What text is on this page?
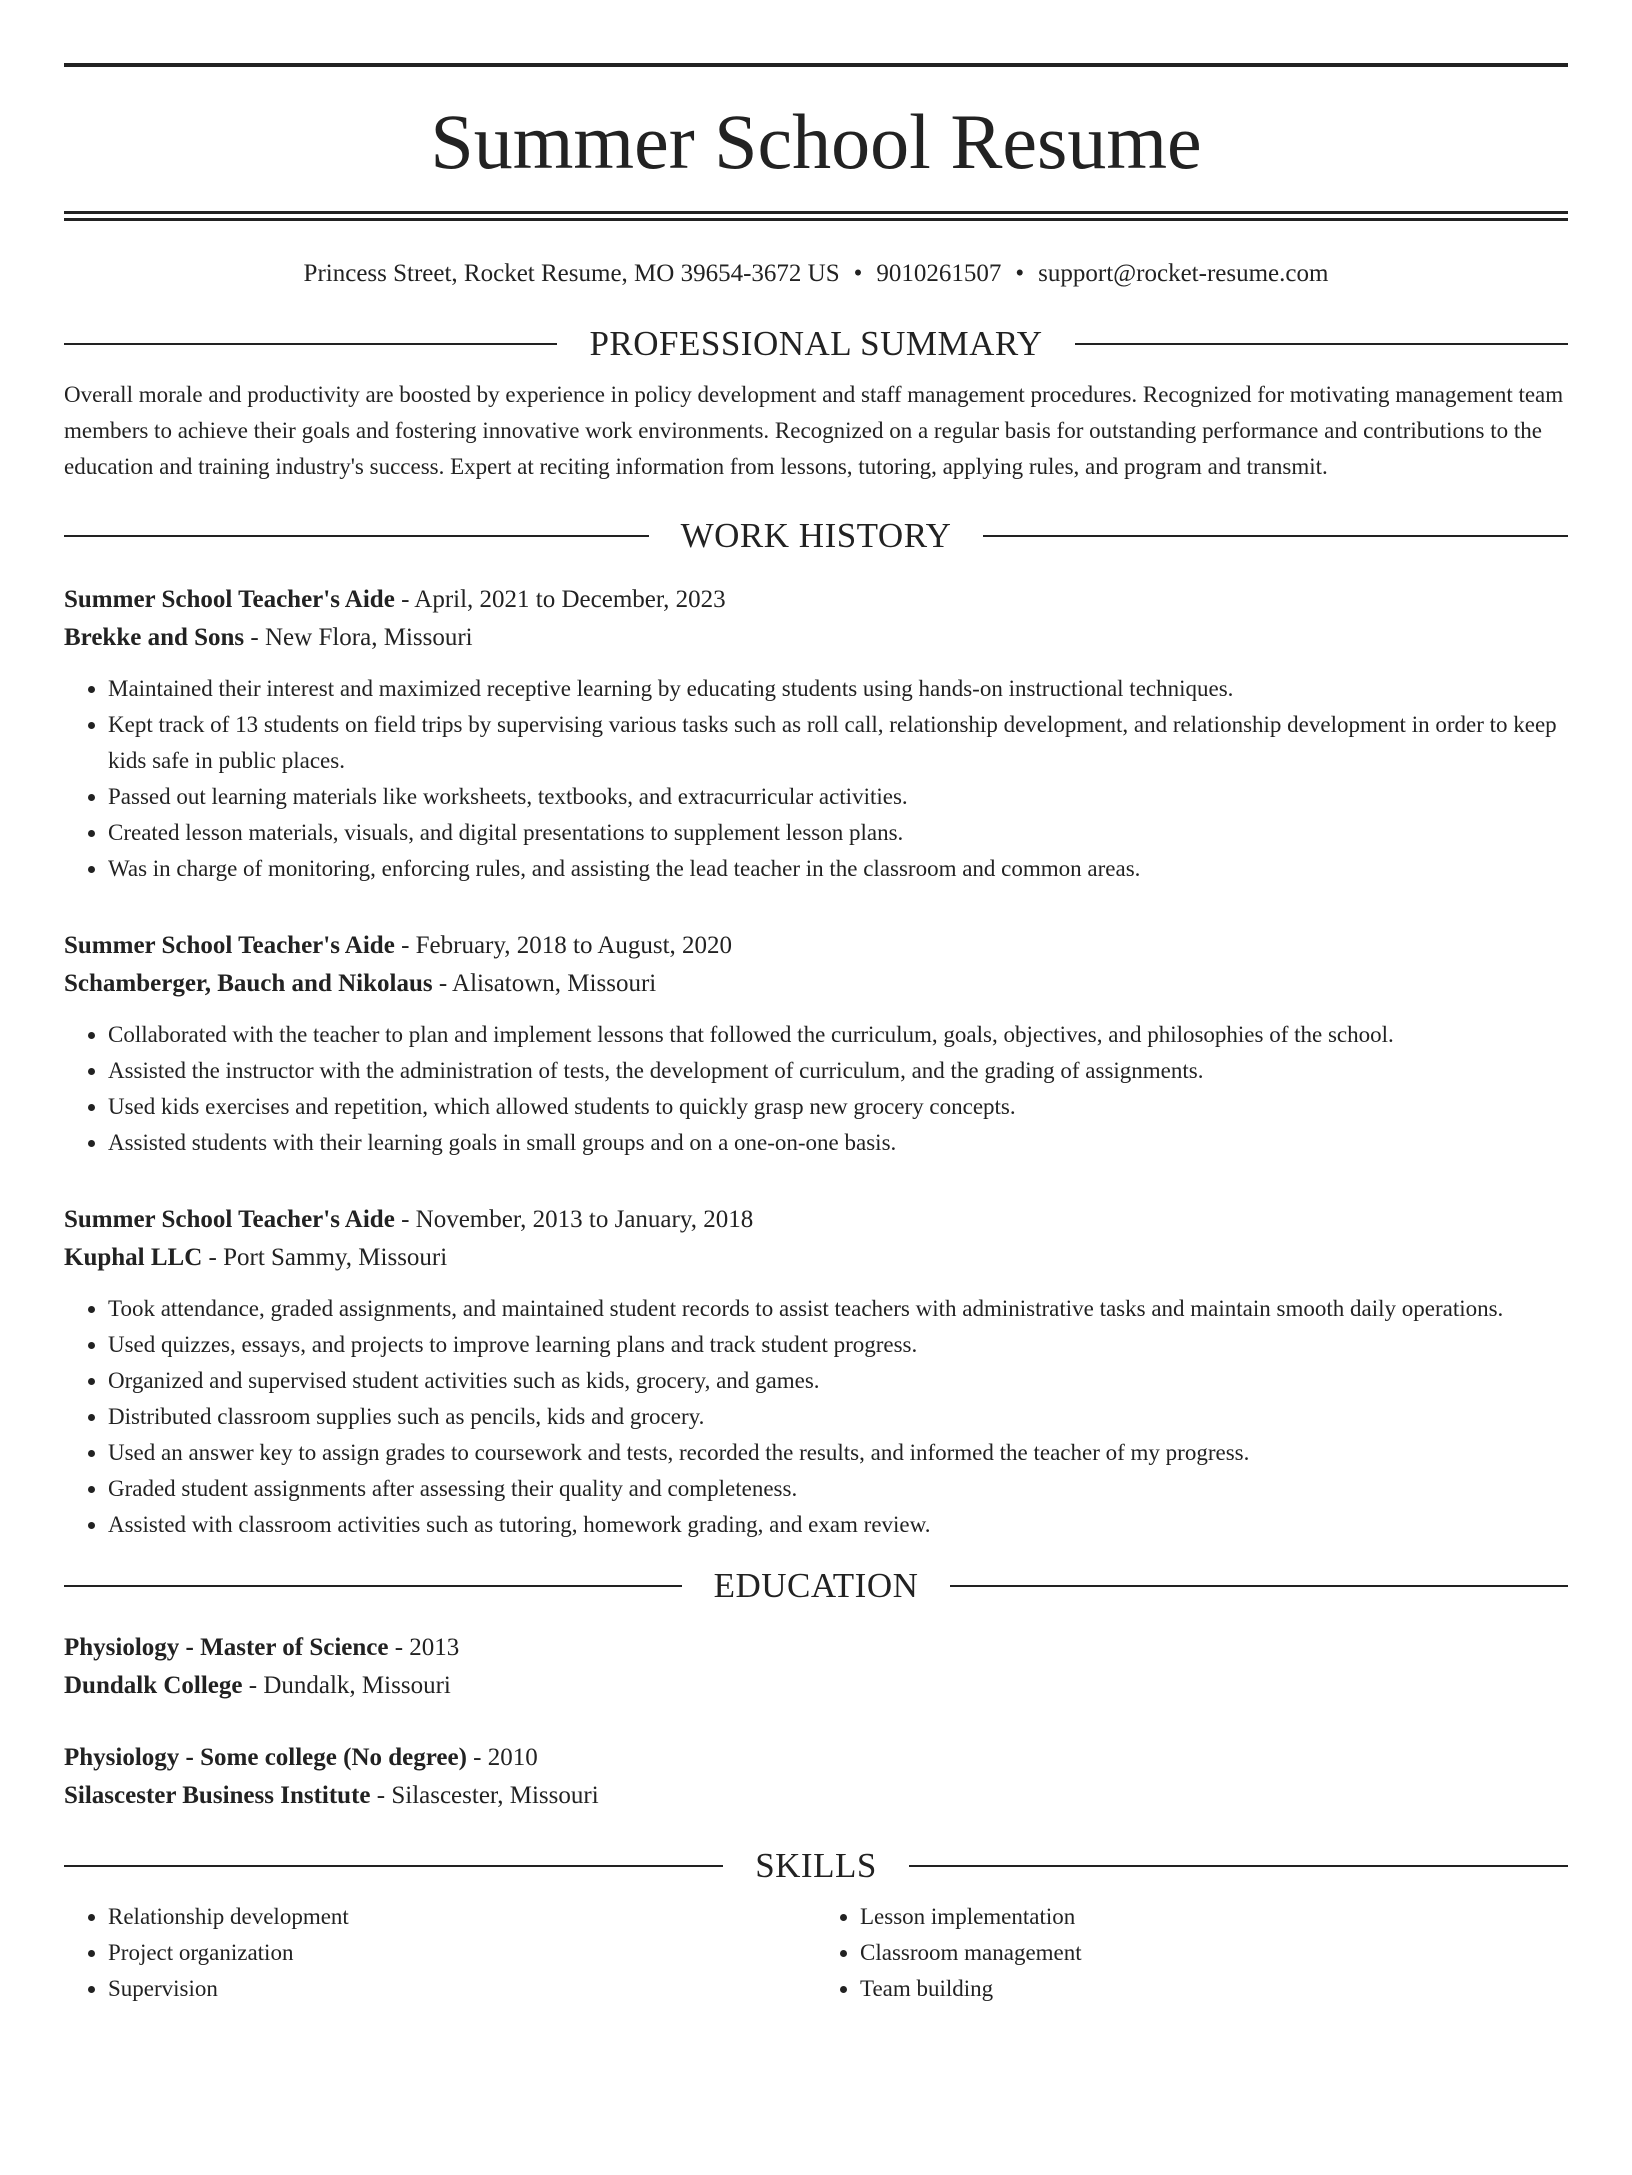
Summer School Resume
Princess Street, Rocket Resume, MO 39654-3672 US • 9010261507 • support@rocket-resume.com
PROFESSIONAL SUMMARY
Overall morale and productivity are boosted by experience in policy development and staff management procedures. Recognized for motivating management team members to achieve their goals and fostering innovative work environments. Recognized on a regular basis for outstanding performance and contributions to the education and training industry's success. Expert at reciting information from lessons, tutoring, applying rules, and program and transmit.
WORK HISTORY
Summer School Teacher's Aide - April, 2021 to December, 2023
Brekke and Sons - New Flora, Missouri
• Maintained their interest and maximized receptive learning by educating students using hands-on instructional techniques.
• Kept track of 13 students on field trips by supervising various tasks such as roll call, relationship development, and relationship development in order to keep kids safe in public places.
• Passed out learning materials like worksheets, textbooks, and extracurricular activities.
• Created lesson materials, visuals, and digital presentations to supplement lesson plans.
• Was in charge of monitoring, enforcing rules, and assisting the lead teacher in the classroom and common areas.
Summer School Teacher's Aide - February, 2018 to August, 2020
Schamberger, Bauch and Nikolaus - Alisatown, Missouri
• Collaborated with the teacher to plan and implement lessons that followed the curriculum, goals, objectives, and philosophies of the school.
• Assisted the instructor with the administration of tests, the development of curriculum, and the grading of assignments.
• Used kids exercises and repetition, which allowed students to quickly grasp new grocery concepts.
• Assisted students with their learning goals in small groups and on a one-on-one basis.
Summer School Teacher's Aide - November, 2013 to January, 2018
Kuphal LLC - Port Sammy, Missouri
• Took attendance, graded assignments, and maintained student records to assist teachers with administrative tasks and maintain smooth daily operations.
• Used quizzes, essays, and projects to improve learning plans and track student progress.
• Organized and supervised student activities such as kids, grocery, and games.
• Distributed classroom supplies such as pencils, kids and grocery.
• Used an answer key to assign grades to coursework and tests, recorded the results, and informed the teacher of my progress.
• Graded student assignments after assessing their quality and completeness.
• Assisted with classroom activities such as tutoring, homework grading, and exam review.
EDUCATION
Physiology - Master of Science - 2013
Dundalk College - Dundalk, Missouri
Physiology - Some college (No degree) - 2010
Silascester Business Institute - Silascester, Missouri
SKILLS
• Relationship development
• Project organization
• Supervision
• Lesson implementation
• Classroom management
• Team building
